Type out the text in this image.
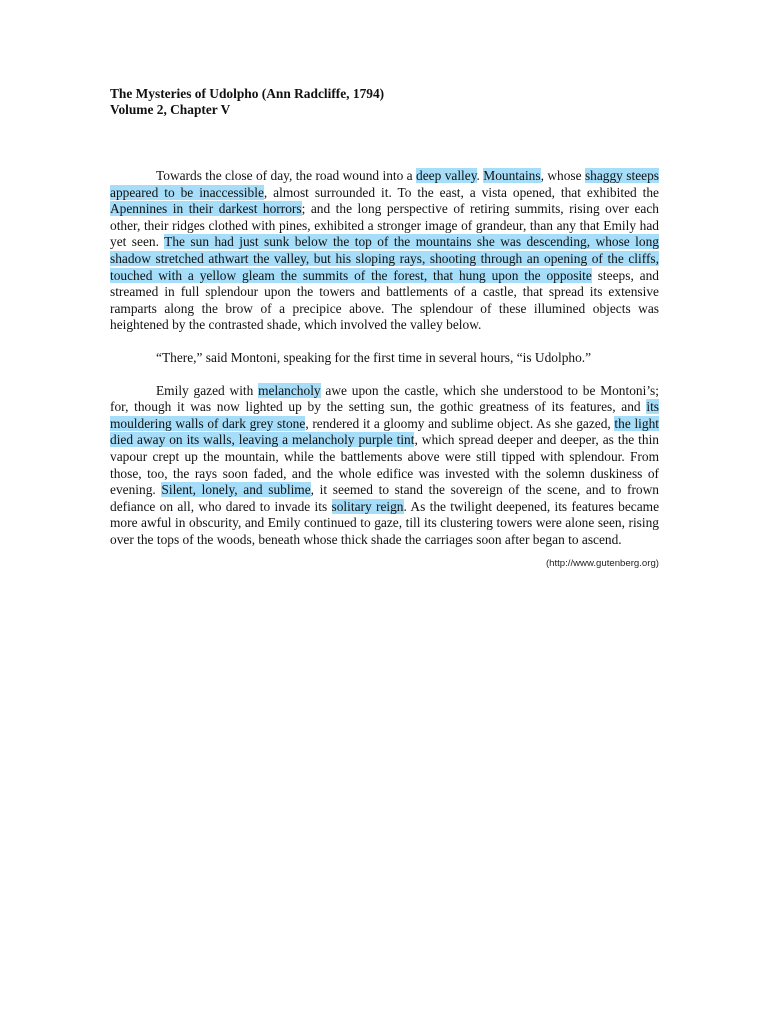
The Mysteries of Udolpho (Ann Radcliffe, 1794)
Volume 2, Chapter V

Towards the close of day, the road wound into a deep valley. Mountains, whose shaggy steeps appeared to be inaccessible, almost surrounded it. To the east, a vista opened, that exhibited the Apennines in their darkest horrors; and the long perspective of retiring summits, rising over each other, their ridges clothed with pines, exhibited a stronger image of grandeur, than any that Emily had yet seen. The sun had just sunk below the top of the mountains she was descending, whose long shadow stretched athwart the valley, but his sloping rays, shooting through an opening of the cliffs, touched with a yellow gleam the summits of the forest, that hung upon the opposite steeps, and streamed in full splendour upon the towers and battlements of a castle, that spread its extensive ramparts along the brow of a precipice above. The splendour of these illumined objects was heightened by the contrasted shade, which involved the valley below.

“There,” said Montoni, speaking for the first time in several hours, “is Udolpho.”

Emily gazed with melancholy awe upon the castle, which she understood to be Montoni’s; for, though it was now lighted up by the setting sun, the gothic greatness of its features, and its mouldering walls of dark grey stone, rendered it a gloomy and sublime object. As she gazed, the light died away on its walls, leaving a melancholy purple tint, which spread deeper and deeper, as the thin vapour crept up the mountain, while the battlements above were still tipped with splendour. From those, too, the rays soon faded, and the whole edifice was invested with the solemn duskiness of evening. Silent, lonely, and sublime, it seemed to stand the sovereign of the scene, and to frown defiance on all, who dared to invade its solitary reign. As the twilight deepened, its features became more awful in obscurity, and Emily continued to gaze, till its clustering towers were alone seen, rising over the tops of the woods, beneath whose thick shade the carriages soon after began to ascend.

(http://www.gutenberg.org)
